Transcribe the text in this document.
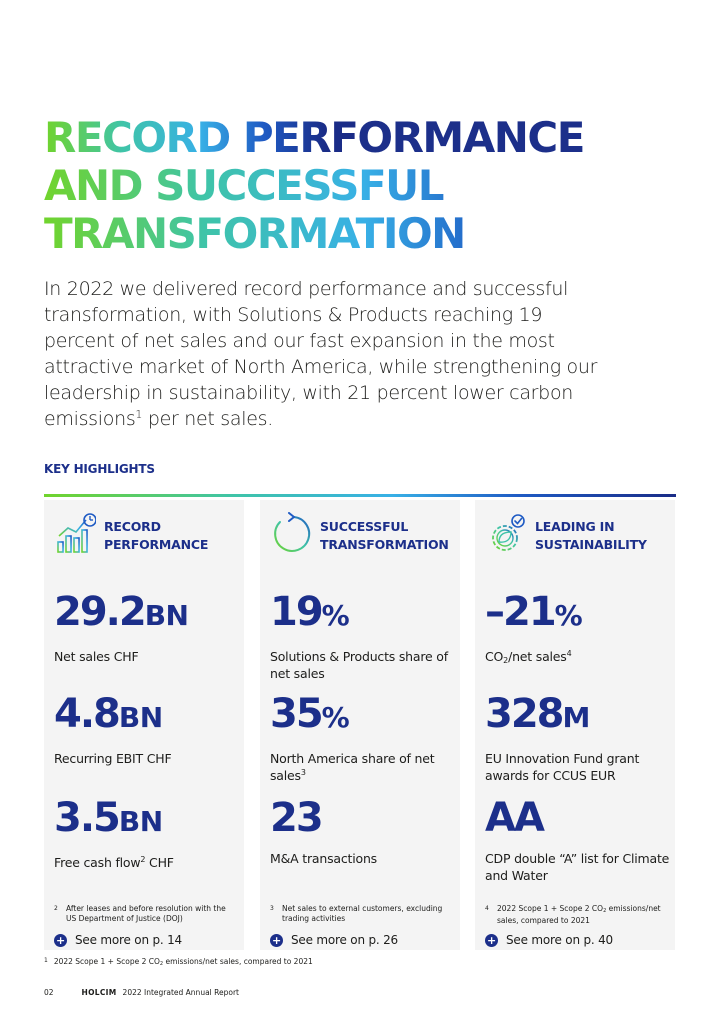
RECORD PERFORMANCE
AND SUCCESSFUL
TRANSFORMATION

In 2022 we delivered record performance and successful transformation, with Solutions & Products reaching 19 percent of net sales and our fast expansion in the most attractive market of North America, while strengthening our leadership in sustainability, with 21 percent lower carbon emissions$^1$ per net sales.

KEY HIGHLIGHTS
RECORD
PERFORMANCE
29.2BN
Net sales CHF
4.8BN
Recurring EBIT CHF
3.5BN
Free cash flow$^2$ CHF
2 After leases and before resolution with the US Department of Justice (DOJ)
+ See more on p. 14
SUCCESSFUL
TRANSFORMATION
19%
Solutions & Products share of net sales
35%
North America share of net sales$^3$
23
M&A transactions
3 Net sales to external customers, excluding trading activities
+ See more on p. 26
LEADING IN
SUSTAINABILITY
–21%
$CO_2$/net sales$^4$
328M
EU Innovation Fund grant awards for CCUS EUR
AA
CDP double “A” list for Climate and Water
4 2022 Scope 1 + Scope 2 $CO_2$ emissions/net sales, compared to 2021
+ See more on p. 40
$^1$ 2022 Scope 1 + Scope 2 $CO_2$ emissions/net sales, compared to 2021
02	HOLCIM 2022 Integrated Annual Report
